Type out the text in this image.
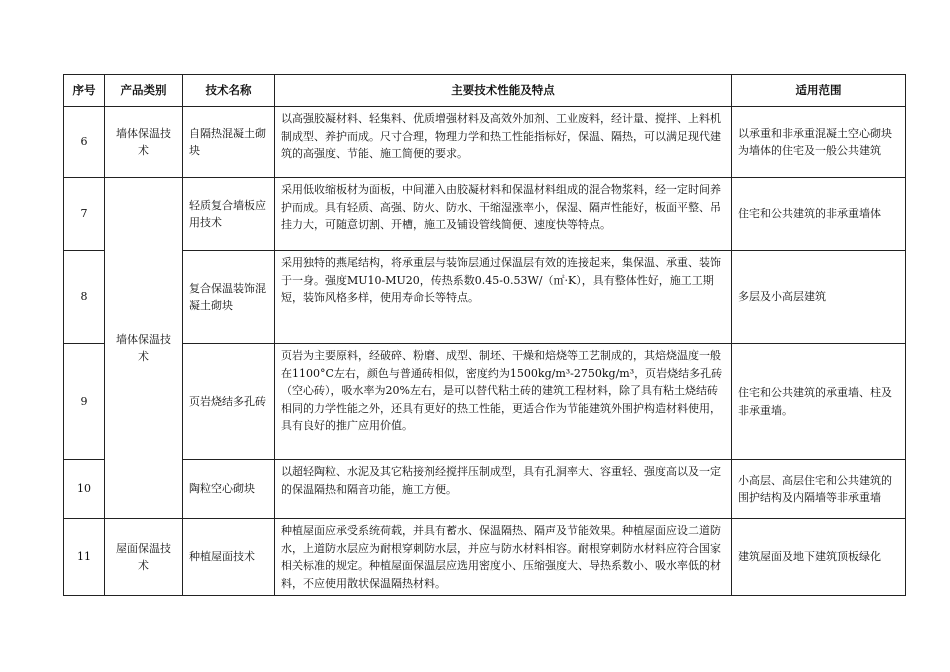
序号	产品类别	技术名称	主要技术性能及特点	适用范围
6	墙体保温技术	自隔热混凝土砌块	以高强胶凝材料、轻集料、优质增强材料及高效外加剂、工业废料，经计量、搅拌、上料机制成型、养护而成。尺寸合理，物理力学和热工性能指标好，保温、隔热，可以满足现代建筑的高强度、节能、施工简便的要求。	以承重和非承重混凝土空心砌块为墙体的住宅及一般公共建筑
7	墙体保温技术	轻质复合墙板应用技术	采用低收缩板材为面板，中间灌入由胶凝材料和保温材料组成的混合物浆料，经一定时间养护而成。具有轻质、高强、防火、防水、干缩湿涨率小，保湿、隔声性能好，板面平整、吊挂力大，可随意切割、开槽，施工及铺设管线简便、速度快等特点。	住宅和公共建筑的非承重墙体
8		复合保温装饰混凝土砌块	采用独特的燕尾结构，将承重层与装饰层通过保温层有效的连接起来，集保温、承重、装饰于一身。强度MU10-MU20，传热系数0.45-0.53W/（㎡·K），具有整体性好，施工工期短，装饰风格多样，使用寿命长等特点。	多层及小高层建筑
9		页岩烧结多孔砖	页岩为主要原料，经破碎、粉磨、成型、制坯、干燥和焙烧等工艺制成的，其焙烧温度一般在1100°C左右，颜色与普通砖相似，密度约为1500kg/m³-2750kg/m³，页岩烧结多孔砖（空心砖），吸水率为20%左右，是可以替代粘土砖的建筑工程材料，除了具有粘土烧结砖相同的力学性能之外，还具有更好的热工性能，更适合作为节能建筑外围护构造材料使用，具有良好的推广应用价值。	住宅和公共建筑的承重墙、柱及非承重墙。
10		陶粒空心砌块	以超轻陶粒、水泥及其它粘接剂经搅拌压制成型，具有孔洞率大、容重轻、强度高以及一定的保温隔热和隔音功能，施工方便。	小高层、高层住宅和公共建筑的围护结构及内隔墙等非承重墙
11	屋面保温技术	种植屋面技术	种植屋面应承受系统荷载，并具有蓄水、保温隔热、隔声及节能效果。种植屋面应设二道防水，上道防水层应为耐根穿刺防水层，并应与防水材料相容。耐根穿刺防水材料应符合国家相关标准的规定。种植屋面保温层应选用密度小、压缩强度大、导热系数小、吸水率低的材料，不应使用散状保温隔热材料。	建筑屋面及地下建筑顶板绿化
